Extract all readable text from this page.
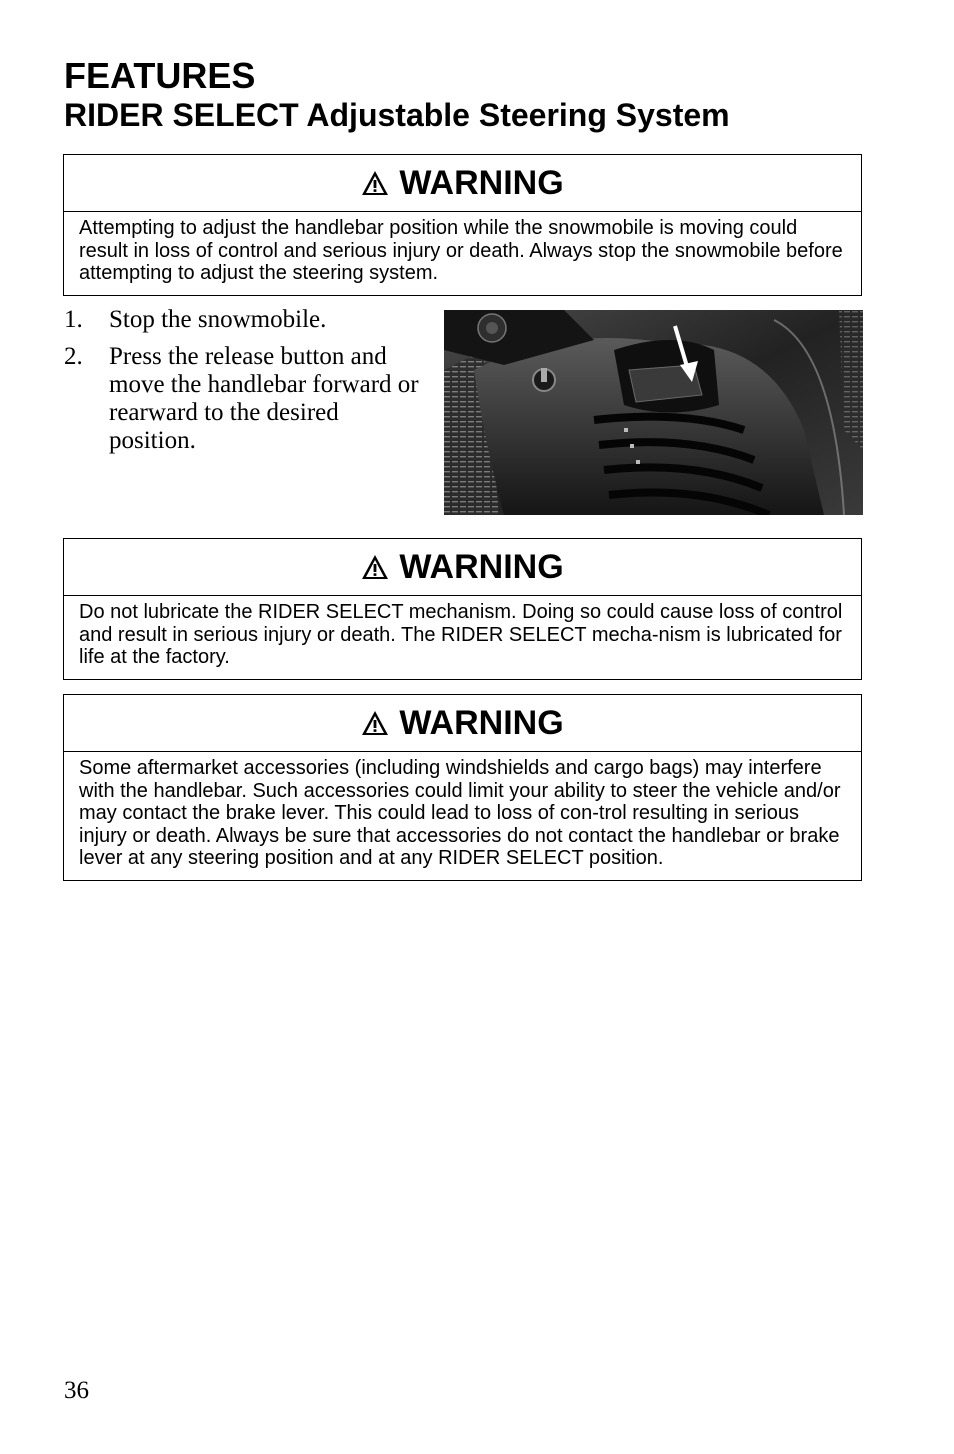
FEATURES
RIDER SELECT Adjustable Steering System
WARNING
Attempting to adjust the handlebar position while the snowmobile is moving could result in loss of control and serious injury or death. Always stop the snowmobile before attempting to adjust the steering system.
1.	Stop the snowmobile.
2.	Press the release button and move the handlebar forward or rearward to the desired position.
WARNING
Do not lubricate the RIDER SELECT mechanism. Doing so could cause loss of control and result in serious injury or death. The RIDER SELECT mecha-nism is lubricated for life at the factory.
WARNING
Some aftermarket accessories (including windshields and cargo bags) may interfere with the handlebar. Such accessories could limit your ability to steer the vehicle and/or may contact the brake lever. This could lead to loss of con-trol resulting in serious injury or death. Always be sure that accessories do not contact the handlebar or brake lever at any steering position and at any RIDER SELECT position.
36
